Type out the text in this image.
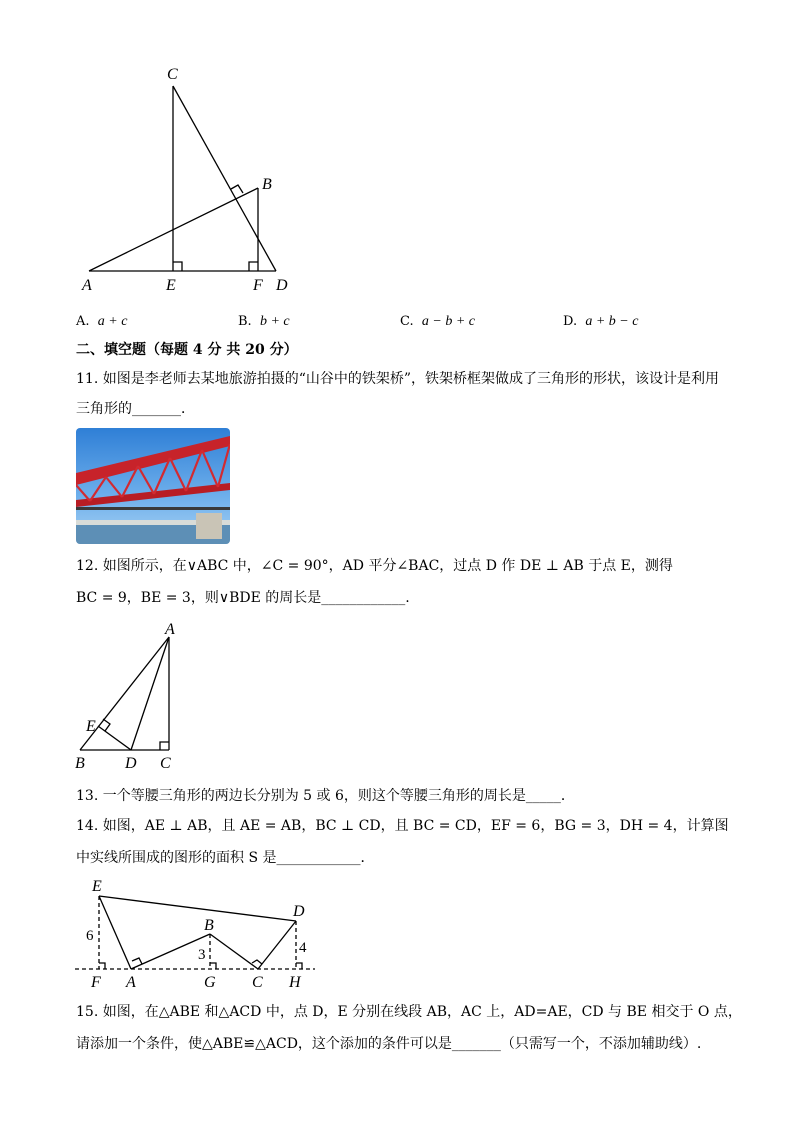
C
B
A	E	F D
A. a + c	B. b + c	C. a − b + c	D. a + b − c
二、填空题（每题 4 分 共 20 分）
11. 如图是李老师去某地旅游拍摄的“山谷中的铁架桥”，铁架桥框架做成了三角形的形状，该设计是利用
三角形的_______．
12. 如图所示，在∨ABC 中，∠C = 90°，AD 平分∠BAC，过点 D 作 DE ⊥ AB 于点 E，测得
BC = 9，BE = 3，则∨BDE 的周长是____________.
A
E
B	D C
13. 一个等腰三角形的两边长分别为 5 或 6，则这个等腰三角形的周长是_____．
14. 如图，AE ⊥ AB，且 AE = AB，BC ⊥ CD，且 BC = CD，EF = 6，BG = 3，DH = 4，计算图
中实线所围成的图形的面积 S 是____________．
E
D
B
6
3	4
F A	G C H
15. 如图，在△ABE 和△ACD 中，点 D，E 分别在线段 AB，AC 上，AD=AE，CD 与 BE 相交于 O 点，
请添加一个条件，使△ABE≌△ACD，这个添加的条件可以是_______（只需写一个，不添加辅助线）.
